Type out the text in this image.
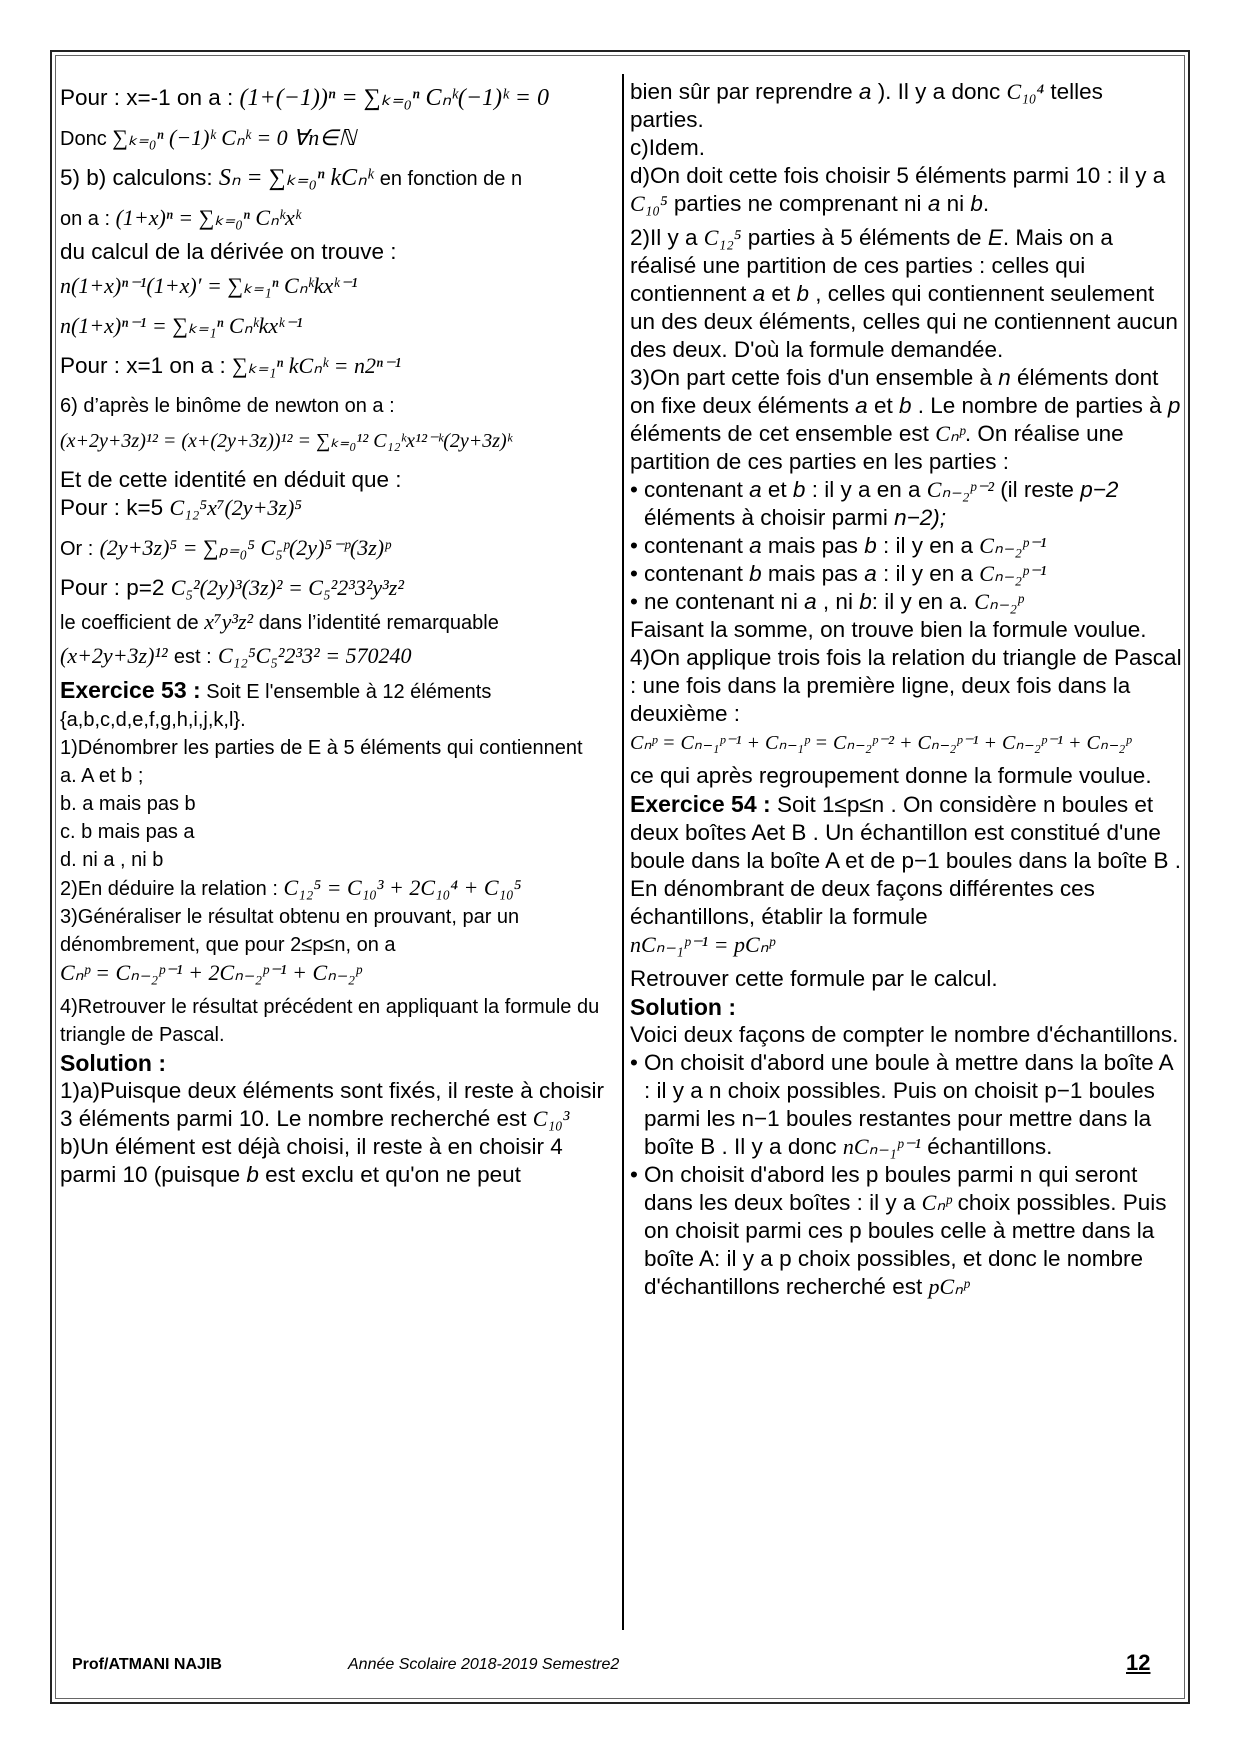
Pour : x=-1 on a : (1+(−1))ⁿ = ∑ₖ₌₀ⁿ Cₙᵏ(−1)ᵏ = 0

Donc ∑ₖ₌₀ⁿ (−1)ᵏ Cₙᵏ = 0 ∀n∈ℕ

5) b) calculons: Sₙ = ∑ₖ₌₀ⁿ kCₙᵏ en fonction de n

on a : (1+x)ⁿ = ∑ₖ₌₀ⁿ Cₙᵏxᵏ

du calcul de la dérivée on trouve :

n(1+x)ⁿ⁻¹(1+x)′ = ∑ₖ₌₁ⁿ Cₙᵏkxᵏ⁻¹

n(1+x)ⁿ⁻¹ = ∑ₖ₌₁ⁿ Cₙᵏkxᵏ⁻¹

Pour : x=1 on a : ∑ₖ₌₁ⁿ kCₙᵏ = n2ⁿ⁻¹

6) d’après le binôme de newton on a :

(x+2y+3z)¹² = (x+(2y+3z))¹² = ∑ₖ₌₀¹² C₁₂ᵏx¹²⁻ᵏ(2y+3z)ᵏ

Et de cette identité en déduit que :

Pour : k=5 C₁₂⁵x⁷(2y+3z)⁵

Or : (2y+3z)⁵ = ∑ₚ₌₀⁵ C₅ᵖ(2y)⁵⁻ᵖ(3z)ᵖ

Pour : p=2 C₅²(2y)³(3z)² = C₅²2³3²y³z²

le coefficient de x⁷y³z² dans l’identité remarquable

(x+2y+3z)¹² est : C₁₂⁵C₅²2³3² = 570240

Exercice 53 : Soit E l'ensemble à 12 éléments {a,b,c,d,e,f,g,h,i,j,k,l}.

1)Dénombrer les parties de E à 5 éléments qui contiennent

a. A et b ;

b. a mais pas b

c. b mais pas a

d. ni a , ni b

2)En déduire la relation : C₁₂⁵ = C₁₀³ + 2C₁₀⁴ + C₁₀⁵

3)Généraliser le résultat obtenu en prouvant, par un dénombrement, que pour 2≤p≤n, on a

Cₙᵖ = Cₙ₋₂ᵖ⁻¹ + 2Cₙ₋₂ᵖ⁻¹ + Cₙ₋₂ᵖ

4)Retrouver le résultat précédent en appliquant la formule du triangle de Pascal.

Solution :

1)a)Puisque deux éléments sont fixés, il reste à choisir 3 éléments parmi 10. Le nombre recherché est C₁₀³

b)Un élément est déjà choisi, il reste à en choisir 4 parmi 10 (puisque b est exclu et qu'on ne peut

bien sûr par reprendre a ). Il y a donc C₁₀⁴ telles parties.

c)Idem.

d)On doit cette fois choisir 5 éléments parmi 10 : il y a C₁₀⁵ parties ne comprenant ni a ni b.

2)Il y a C₁₂⁵ parties à 5 éléments de E. Mais on a réalisé une partition de ces parties : celles qui contiennent a et b , celles qui contiennent seulement un des deux éléments, celles qui ne contiennent aucun des deux. D'où la formule demandée.

3)On part cette fois d'un ensemble à n éléments dont on fixe deux éléments a et b . Le nombre de parties à p éléments de cet ensemble est Cₙᵖ. On réalise une partition de ces parties en les parties :

• contenant a et b : il y a en a Cₙ₋₂ᵖ⁻² (il reste p−2 éléments à choisir parmi n−2);

• contenant a mais pas b : il y en a Cₙ₋₂ᵖ⁻¹

• contenant b mais pas a : il y en a Cₙ₋₂ᵖ⁻¹

• ne contenant ni a , ni b: il y en a. Cₙ₋₂ᵖ

Faisant la somme, on trouve bien la formule voulue.

4)On applique trois fois la relation du triangle de Pascal : une fois dans la première ligne, deux fois dans la deuxième :

Cₙᵖ = Cₙ₋₁ᵖ⁻¹ + Cₙ₋₁ᵖ = Cₙ₋₂ᵖ⁻² + Cₙ₋₂ᵖ⁻¹ + Cₙ₋₂ᵖ⁻¹ + Cₙ₋₂ᵖ

ce qui après regroupement donne la formule voulue.

Exercice 54 : Soit 1≤p≤n . On considère n boules et deux boîtes Aet B . Un échantillon est constitué d'une boule dans la boîte A et de p−1 boules dans la boîte B . En dénombrant de deux façons différentes ces échantillons, établir la formule

nCₙ₋₁ᵖ⁻¹ = pCₙᵖ

Retrouver cette formule par le calcul.

Solution :

Voici deux façons de compter le nombre d'échantillons.

• On choisit d'abord une boule à mettre dans la boîte A : il y a n choix possibles. Puis on choisit p−1 boules parmi les n−1 boules restantes pour mettre dans la boîte B . Il y a donc nCₙ₋₁ᵖ⁻¹ échantillons.

• On choisit d'abord les p boules parmi n qui seront dans les deux boîtes : il y a Cₙᵖ choix possibles. Puis on choisit parmi ces p boules celle à mettre dans la boîte A: il y a p choix possibles, et donc le nombre d'échantillons recherché est pCₙᵖ

Prof/ATMANI NAJIB	Année Scolaire 2018-2019 Semestre2	12
